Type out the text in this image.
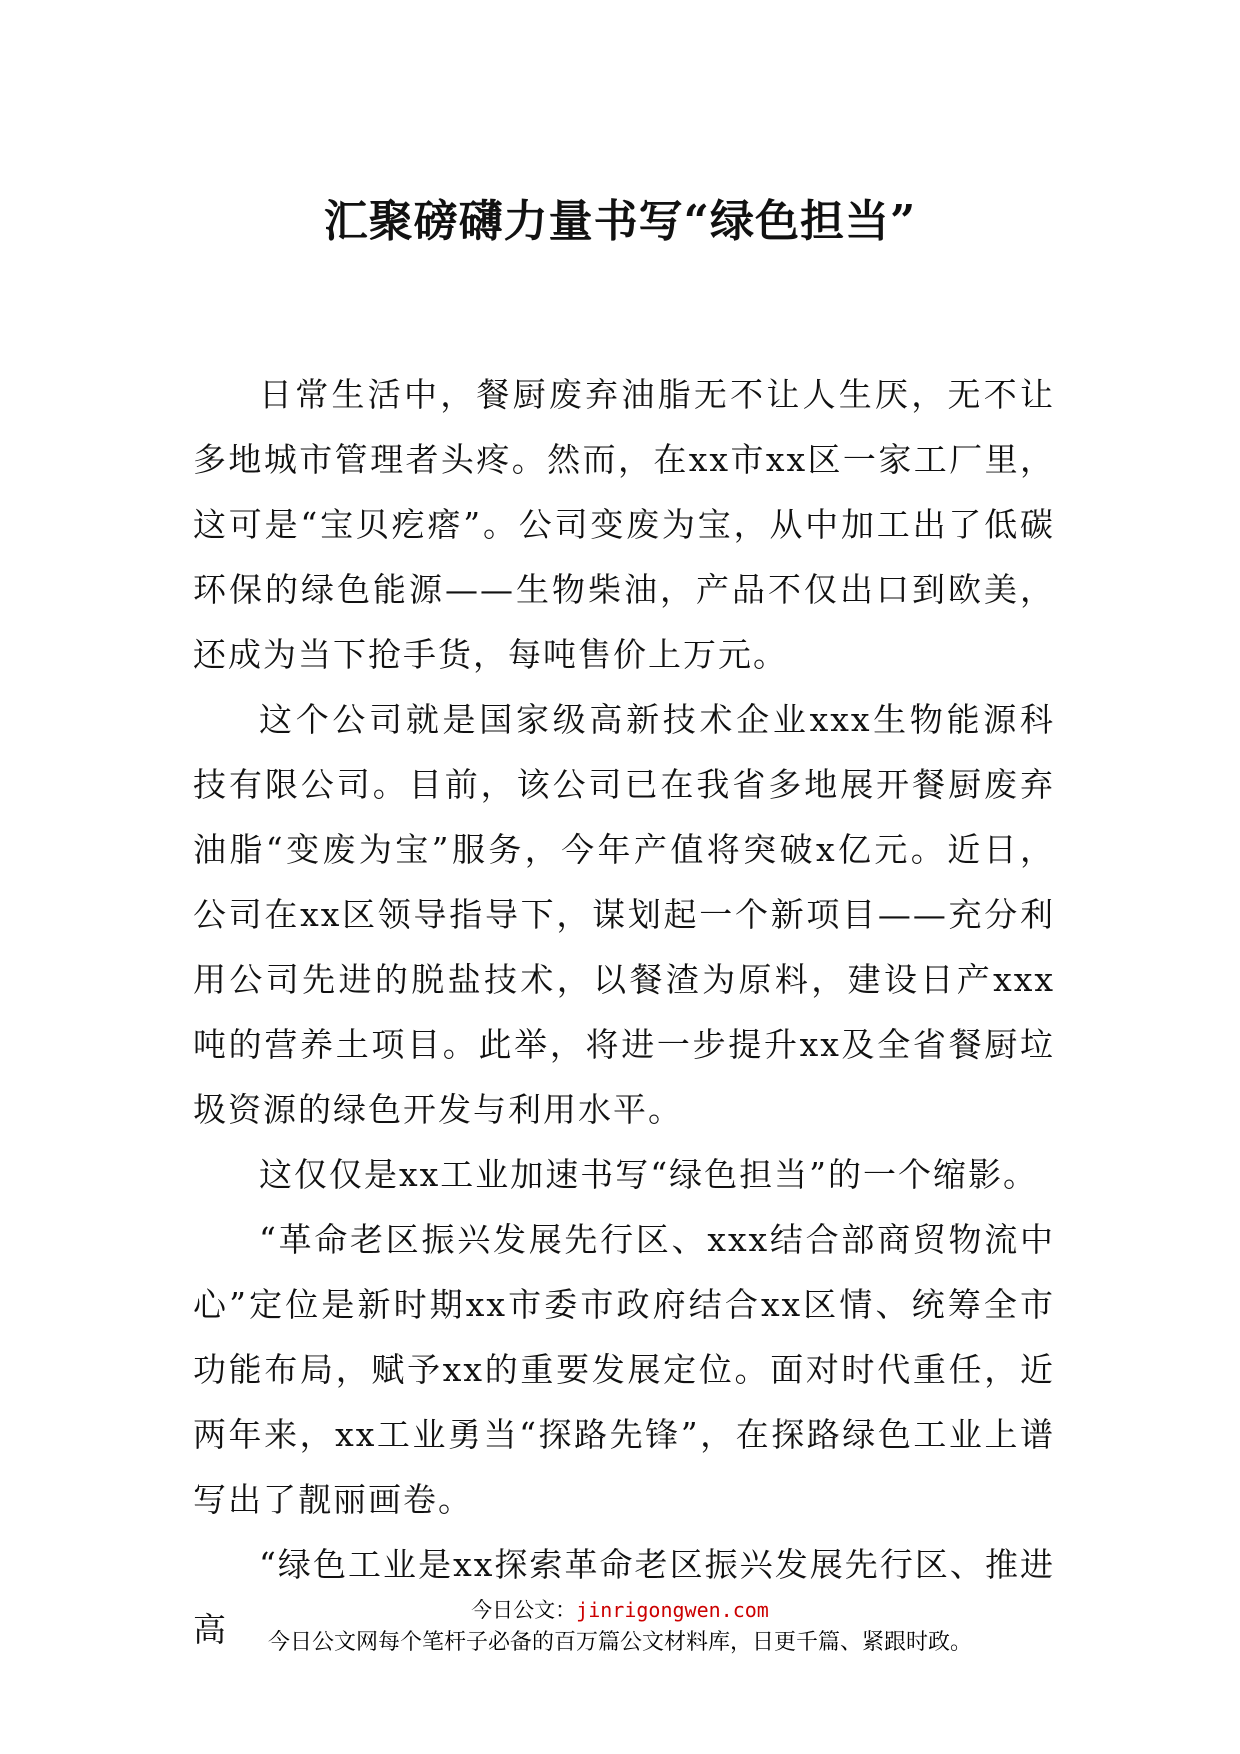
汇聚磅礴力量书写“绿色担当”

日常生活中，餐厨废弃油脂无不让人生厌，无不让多地城市管理者头疼。然而，在xx市xx区一家工厂里，这可是“宝贝疙瘩”。公司变废为宝，从中加工出了低碳环保的绿色能源——生物柴油，产品不仅出口到欧美，还成为当下抢手货，每吨售价上万元。

这个公司就是国家级高新技术企业xxx生物能源科技有限公司。目前，该公司已在我省多地展开餐厨废弃油脂“变废为宝”服务，今年产值将突破x亿元。近日，公司在xx区领导指导下，谋划起一个新项目——充分利用公司先进的脱盐技术，以餐渣为原料，建设日产xxx吨的营养土项目。此举，将进一步提升xx及全省餐厨垃圾资源的绿色开发与利用水平。

这仅仅是xx工业加速书写“绿色担当”的一个缩影。

“革命老区振兴发展先行区、xxx结合部商贸物流中心”定位是新时期xx市委市政府结合xx区情、统筹全市功能布局，赋予xx的重要发展定位。面对时代重任，近两年来，xx工业勇当“探路先锋”，在探路绿色工业上谱写出了靓丽画卷。

“绿色工业是xx探索革命老区振兴发展先行区、推进高	今日公文：jinrigongwen.com
今日公文网每个笔杆子必备的百万篇公文材料库，日更千篇、紧跟时政。
